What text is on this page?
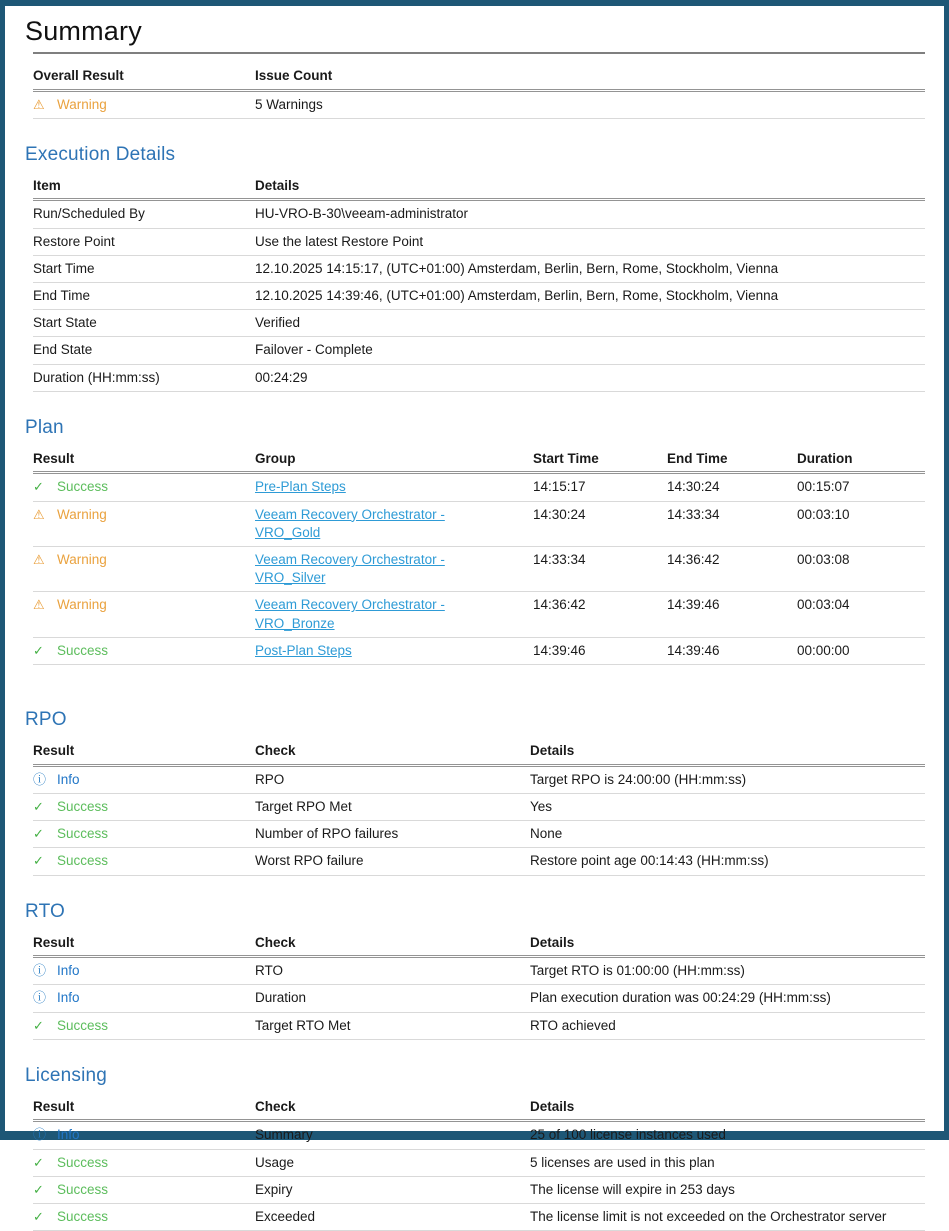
Summary
Overall Result	Issue Count
⚠ Warning	5 Warnings
Execution Details
Item	Details
Run/Scheduled By	HU-VRO-B-30\veeam-administrator
Restore Point	Use the latest Restore Point
Start Time	12.10.2025 14:15:17, (UTC+01:00) Amsterdam, Berlin, Bern, Rome, Stockholm, Vienna
End Time	12.10.2025 14:39:46, (UTC+01:00) Amsterdam, Berlin, Bern, Rome, Stockholm, Vienna
Start State	Verified
End State	Failover - Complete
Duration (HH:mm:ss)	00:24:29
Plan
Result	Group	Start Time	End Time	Duration
✓ Success	Pre-Plan Steps	14:15:17	14:30:24	00:15:07
⚠ Warning	Veeam Recovery Orchestrator - VRO_Gold	14:30:24	14:33:34	00:03:10
⚠ Warning	Veeam Recovery Orchestrator - VRO_Silver	14:33:34	14:36:42	00:03:08
⚠ Warning	Veeam Recovery Orchestrator - VRO_Bronze	14:36:42	14:39:46	00:03:04
✓ Success	Post-Plan Steps	14:39:46	14:39:46	00:00:00
RPO
Result	Check	Details
ⓘ Info	RPO	Target RPO is 24:00:00 (HH:mm:ss)
✓ Success	Target RPO Met	Yes
✓ Success	Number of RPO failures	None
✓ Success	Worst RPO failure	Restore point age 00:14:43 (HH:mm:ss)
RTO
Result	Check	Details
ⓘ Info	RTO	Target RTO is 01:00:00 (HH:mm:ss)
ⓘ Info	Duration	Plan execution duration was 00:24:29 (HH:mm:ss)
✓ Success	Target RTO Met	RTO achieved
Licensing
Result	Check	Details
ⓘ Info	Summary	25 of 100 license instances used
✓ Success	Usage	5 licenses are used in this plan
✓ Success	Expiry	The license will expire in 253 days
✓ Success	Exceeded	The license limit is not exceeded on the Orchestrator server
